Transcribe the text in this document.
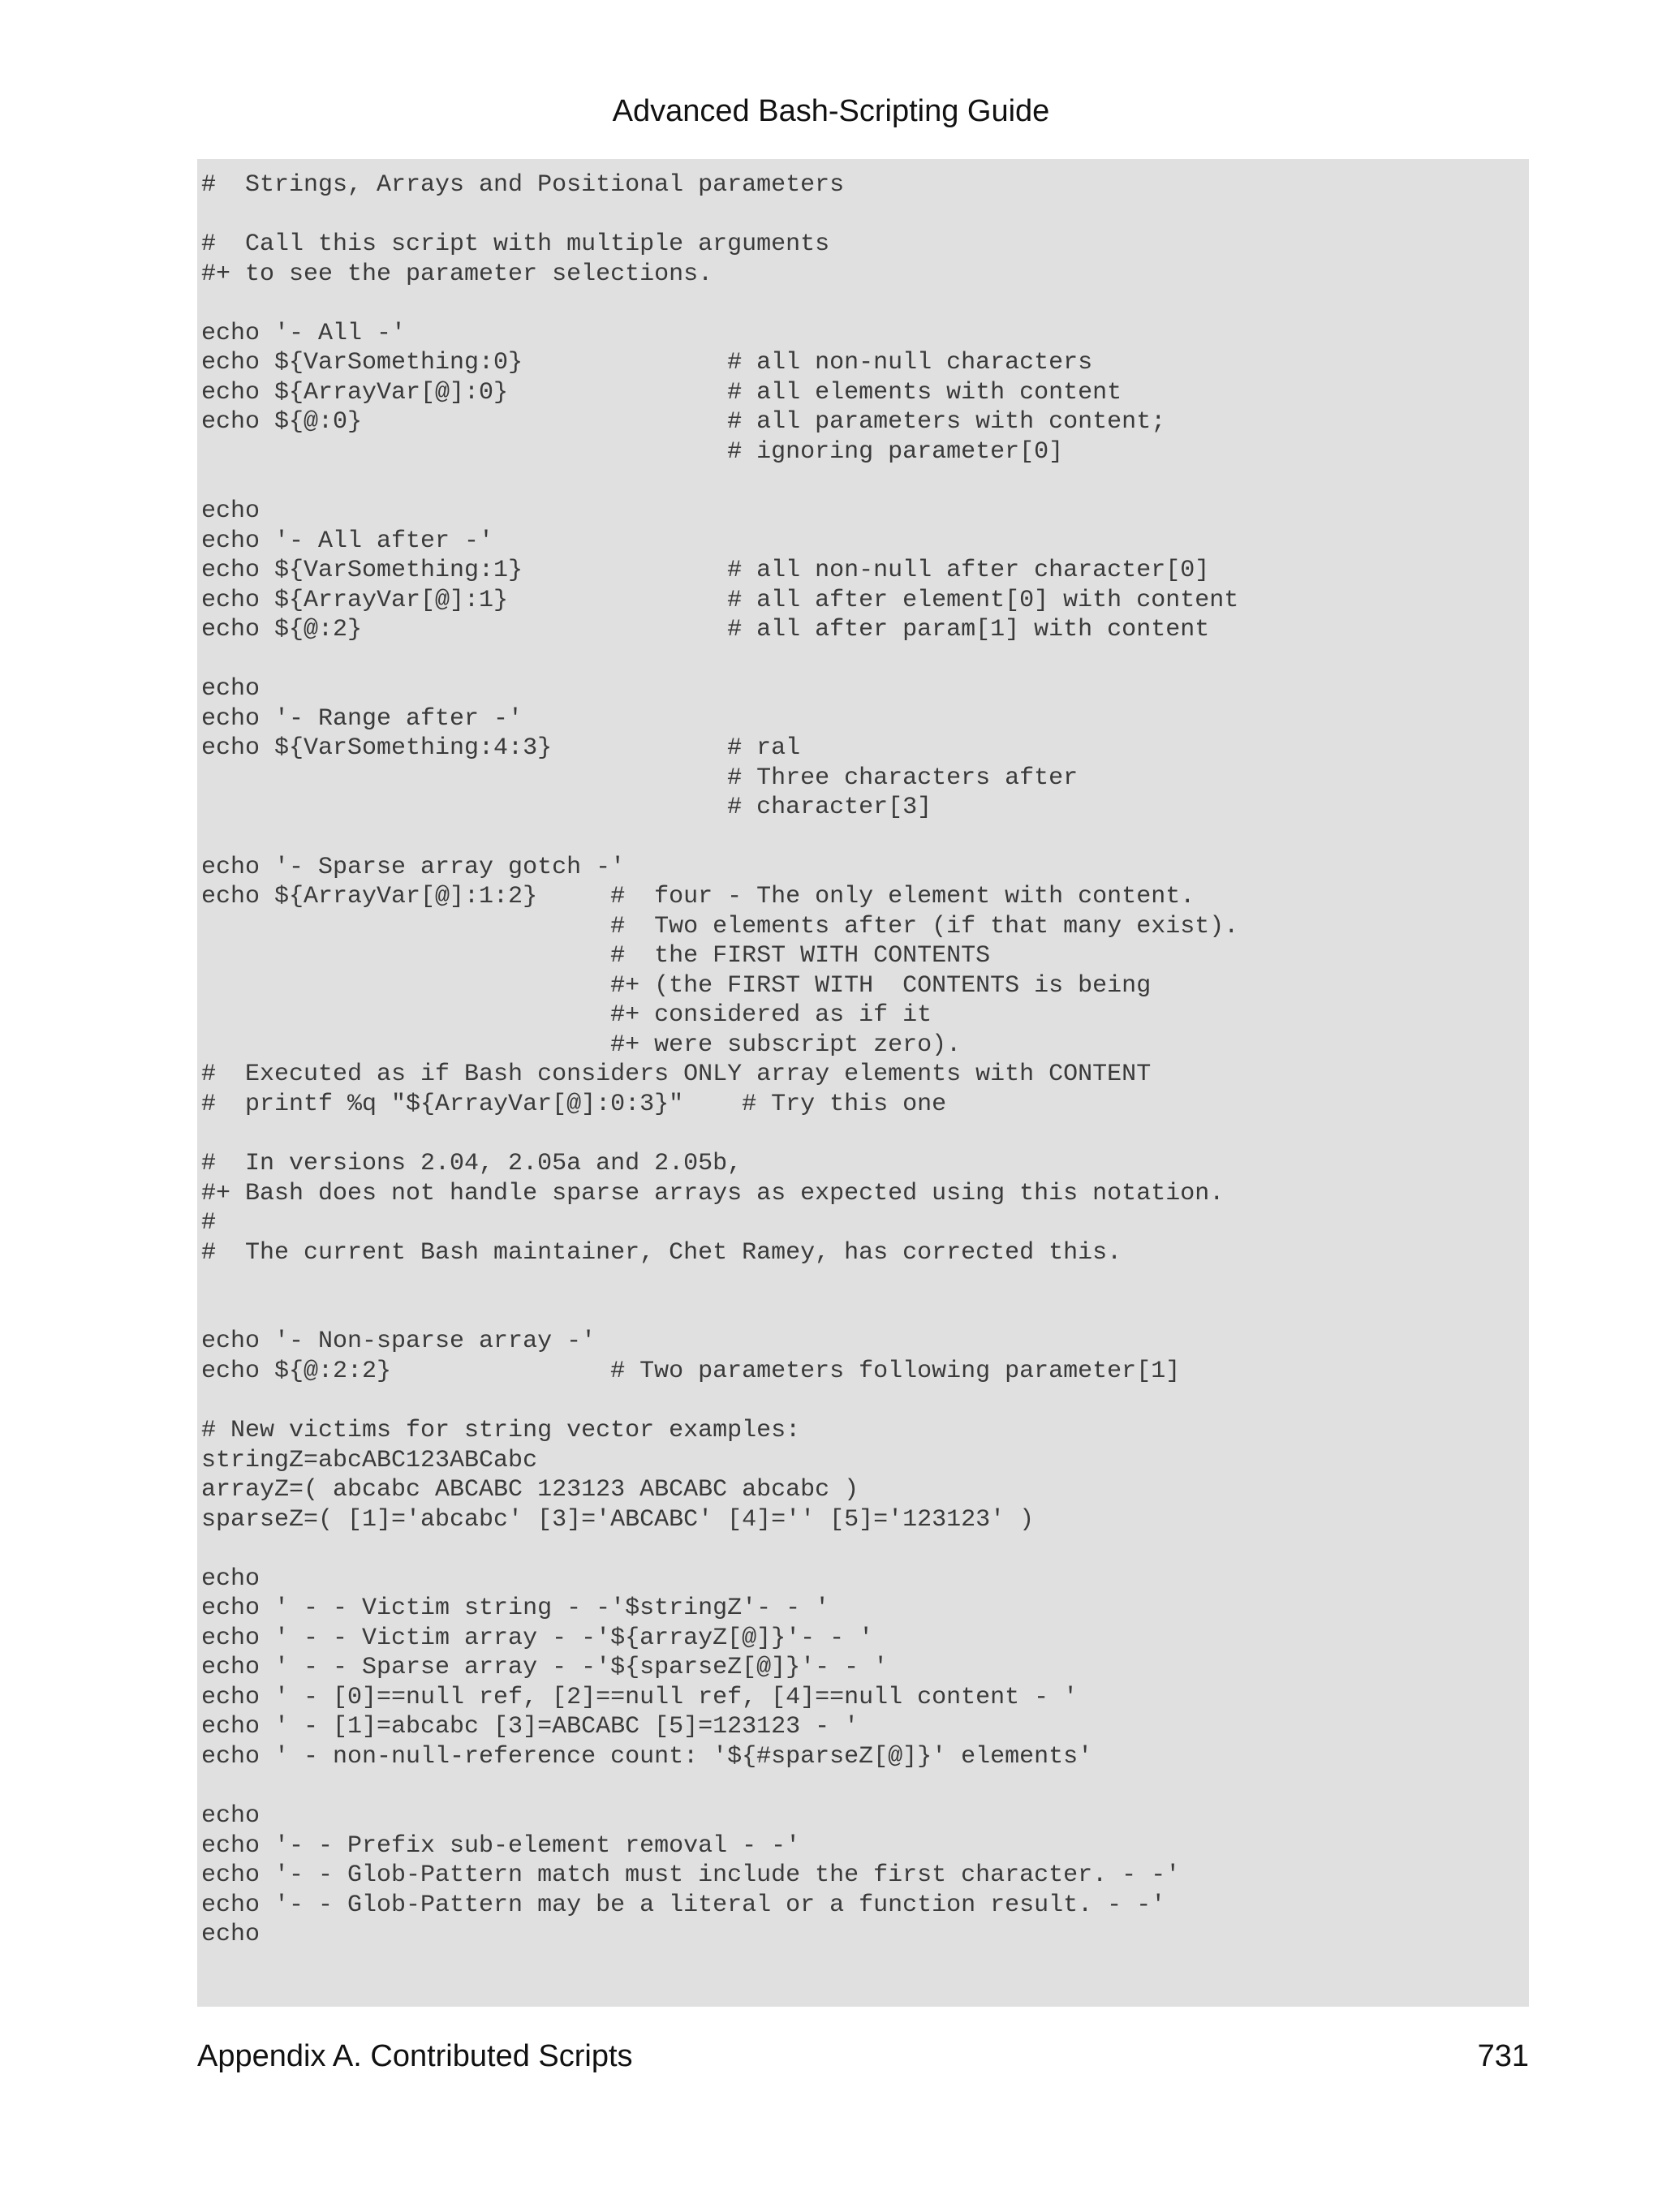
Advanced Bash-Scripting Guide
#  Strings, Arrays and Positional parameters
#  Call this script with multiple arguments
#+ to see the parameter selections.
echo '- All -'
echo ${VarSomething:0}              # all non-null characters
echo ${ArrayVar[@]:0}               # all elements with content
echo ${@:0}                         # all parameters with content;
# ignoring parameter[0]
echo
echo '- All after -'
echo ${VarSomething:1}              # all non-null after character[0]
echo ${ArrayVar[@]:1}               # all after element[0] with content
echo ${@:2}                         # all after param[1] with content
echo
echo '- Range after -'
echo ${VarSomething:4:3}            # ral
# Three characters after
# character[3]
echo '- Sparse array gotch -'
echo ${ArrayVar[@]:1:2}     #  four - The only element with content.
#  Two elements after (if that many exist).
#  the FIRST WITH CONTENTS
#+ (the FIRST WITH  CONTENTS is being
#+ considered as if it
#+ were subscript zero).
#  Executed as if Bash considers ONLY array elements with CONTENT
#  printf %q "${ArrayVar[@]:0:3}"    # Try this one
#  In versions 2.04, 2.05a and 2.05b,
#+ Bash does not handle sparse arrays as expected using this notation.
#
#  The current Bash maintainer, Chet Ramey, has corrected this.
echo '- Non-sparse array -'
echo ${@:2:2}               # Two parameters following parameter[1]
# New victims for string vector examples:
stringZ=abcABC123ABCabc
arrayZ=( abcabc ABCABC 123123 ABCABC abcabc )
sparseZ=( [1]='abcabc' [3]='ABCABC' [4]='' [5]='123123' )
echo
echo ' - - Victim string - -'$stringZ'- - '
echo ' - - Victim array - -'${arrayZ[@]}'- - '
echo ' - - Sparse array - -'${sparseZ[@]}'- - '
echo ' - [0]==null ref, [2]==null ref, [4]==null content - '
echo ' - [1]=abcabc [3]=ABCABC [5]=123123 - '
echo ' - non-null-reference count: '${#sparseZ[@]}' elements'
echo
echo '- - Prefix sub-element removal - -'
echo '- - Glob-Pattern match must include the first character. - -'
echo '- - Glob-Pattern may be a literal or a function result. - -'
echo
Appendix A. Contributed Scripts	731
